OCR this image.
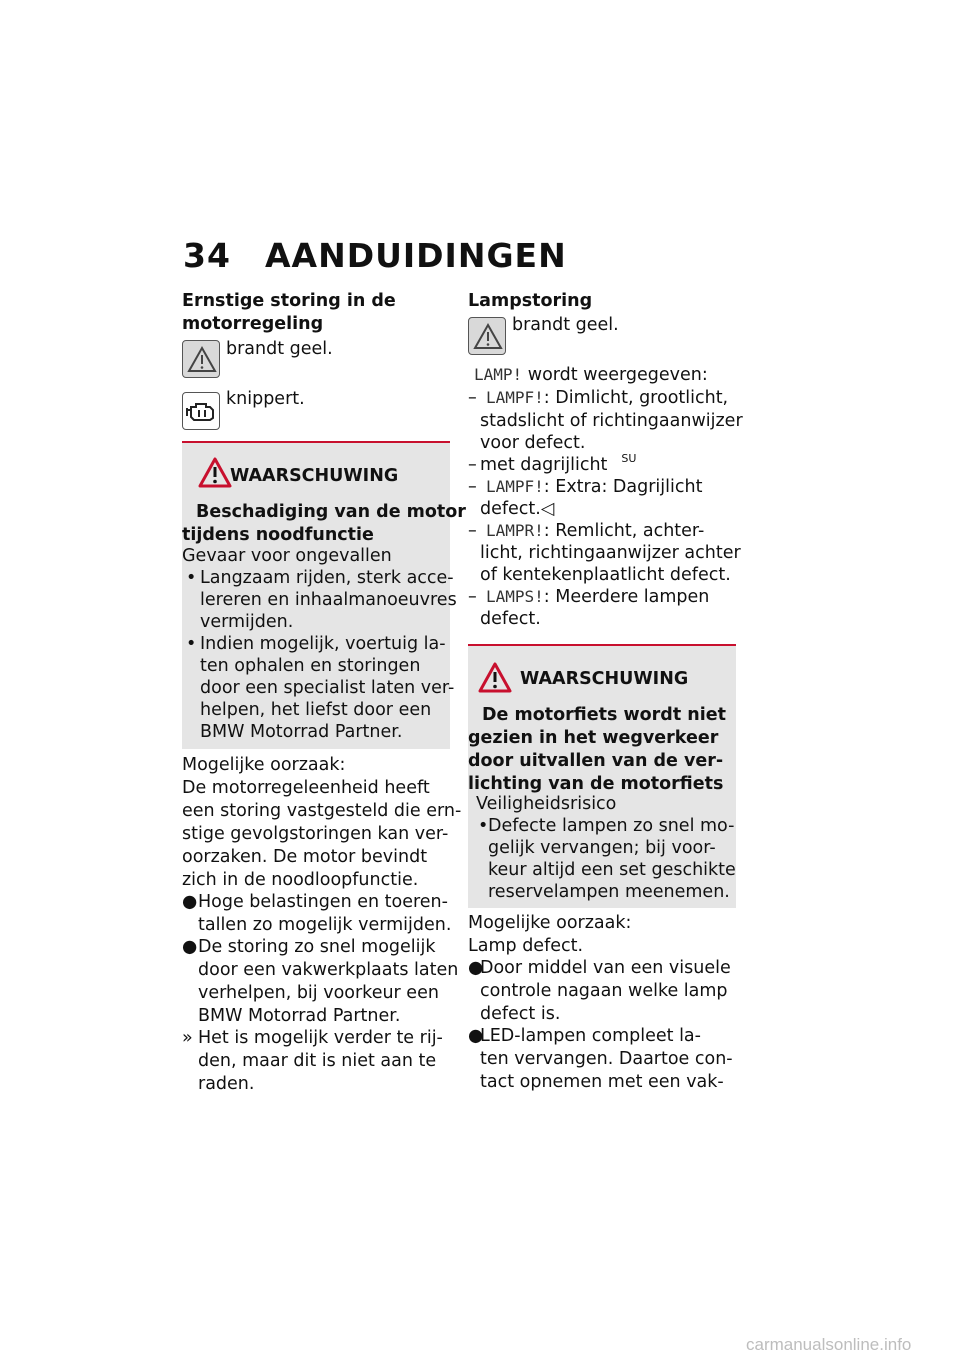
34 AANDUIDINGEN
Ernstige storing in de
motorregeling
brandt geel.
knippert.
WAARSCHUWING
Beschadiging van de motor
tijdens noodfunctie
Gevaar voor ongevallen
• Langzaam rijden, sterk acce-
lereren en inhaalmanoeuvres
vermijden.
• Indien mogelijk, voertuig la-
ten ophalen en storingen
door een specialist laten ver-
helpen, het liefst door een
BMW Motorrad Partner.
Mogelijke oorzaak:
De motorregeleenheid heeft
een storing vastgesteld die ern-
stige gevolgstoringen kan ver-
oorzaken. De motor bevindt
zich in de noodloopfunctie.
● Hoge belastingen en toeren-
tallen zo mogelijk vermijden.
● De storing zo snel mogelijk
door een vakwerkplaats laten
verhelpen, bij voorkeur een
BMW Motorrad Partner.
» Het is mogelijk verder te rij-
den, maar dit is niet aan te
raden.
Lampstoring
brandt geel.
LAMP! wordt weergegeven:
– LAMPF!: Dimlicht, grootlicht,
stadslicht of richtingaanwijzer
voor defect.
– met dagrijlicht $^{SU}$
– LAMPF!: Extra: Dagrijlicht
defect.◁
– LAMPR!: Remlicht, achter-
licht, richtingaanwijzer achter
of kentekenplaatlicht defect.
– LAMPS!: Meerdere lampen
defect.
WAARSCHUWING
De motorfiets wordt niet
gezien in het wegverkeer
door uitvallen van de ver-
lichting van de motorfiets
Veiligheidsrisico
• Defecte lampen zo snel mo-
gelijk vervangen; bij voor-
keur altijd een set geschikte
reservelampen meenemen.
Mogelijke oorzaak:
Lamp defect.
●
Door middel van een visuele
controle nagaan welke lamp
defect is.
●
LED-lampen compleet la-
ten vervangen. Daartoe con-
tact opnemen met een vak-
carmanualsonline.info
